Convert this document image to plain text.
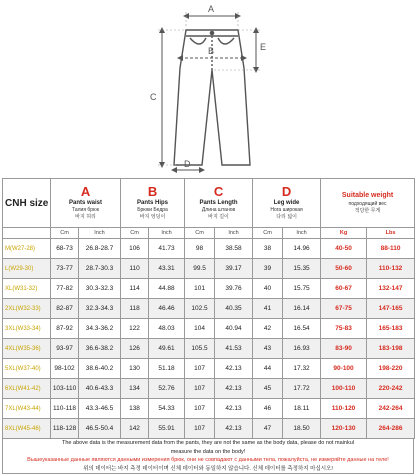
A
B
C
D
E
CNH size	A
Pants waist
Талия брюк
바지 허리		B
Pants Hips
Брюки Бедра
바지 엉덩이		C
Pants Length
Длина штанов
바지 길이		D
Leg wide
Нога широкая
다리 넓이		Suitable weight
подходящий вес
적당한 무게	

	Cm	Inch	Cm	Inch	Cm	Inch	Cm	Inch	Kg	Lbs
M(W27-28)	68-73	26.8-28.7	106	41.73	98	38.58	38	14.96	40-50	88-110
L(W29-30)	73-77	28.7-30.3	110	43.31	99.5	39.17	39	15.35	50-60	110-132
XL(W31-32)	77-82	30.3-32.3	114	44.88	101	39.76	40	15.75	60-67	132-147
2XL(W32-33)	82-87	32.3-34.3	118	46.46	102.5	40.35	41	16.14	67-75	147-165
3XL(W33-34)	87-92	34.3-36.2	122	48.03	104	40.94	42	16.54	75-83	165-183
4XL(W35-36)	93-97	36.6-38.2	126	49.61	105.5	41.53	43	16.93	83-90	183-198
5XL(W37-40)	98-102	38.6-40.2	130	51.18	107	42.13	44	17.32	90-100	198-220
6XL(W41-42)	103-110	40.6-43.3	134	52.76	107	42.13	45	17.72	100-110	220-242
7XL(W43-44)	110-118	43.3-46.5	138	54.33	107	42.13	46	18.11	110-120	242-264
8XL(W45-46)	118-128	46.5-50.4	142	55.91	107	42.13	47	18.50	120-130	264-286
The above data is the measurement data from the pants, they are not the same as the body data, please do not mainkul
measure the data on the body!
Вышеуказанные данные являются данными измерения брюк, они не совпадают с данными тела, пожалуйста, не измеряйте данные на теле!
위의 데이터는 바지 측정 데이터이며 신체 데이터와 동일하지 않습니다. 신체 데이터를 측정하지 마십시오!
